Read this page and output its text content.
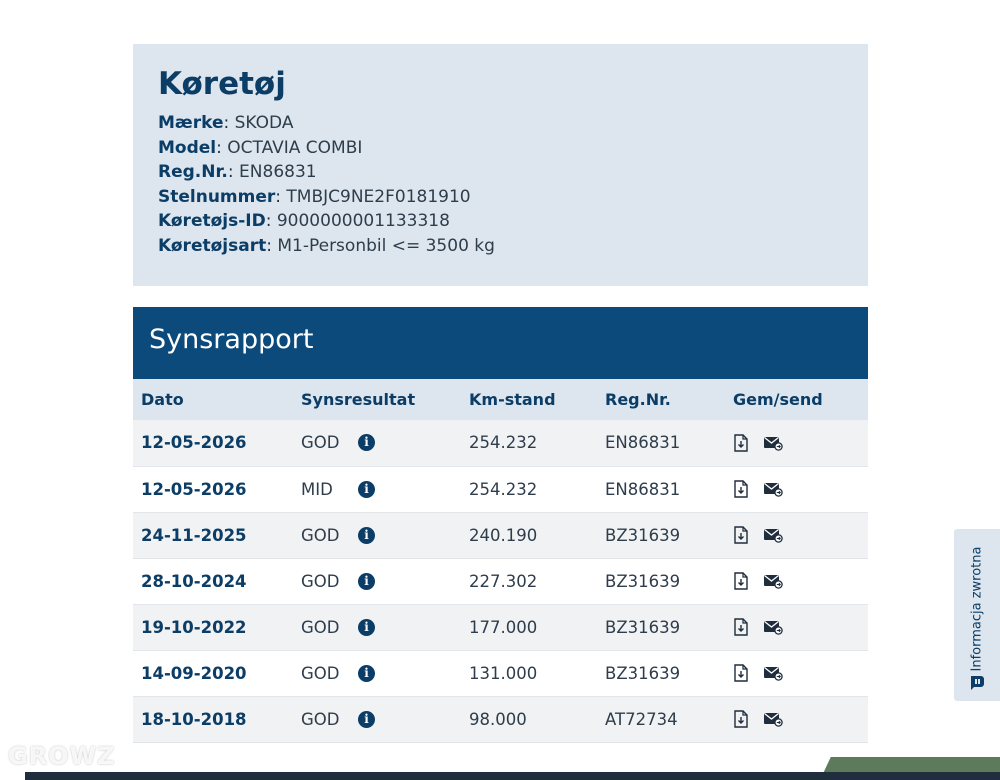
Køretøj
Mærke: SKODA
Model: OCTAVIA COMBI
Reg.Nr.: EN86831
Stelnummer: TMBJC9NE2F0181910
Køretøjs-ID: 9000000001133318
Køretøjsart: M1-Personbil <= 3500 kg
Synsrapport
Dato	Synsresultat	Km-stand	Reg.Nr.	Gem/send
12-05-2026	GOD i	254.232	EN86831	

12-05-2026	MID i	254.232	EN86831	

24-11-2025	GOD i	240.190	BZ31639	

28-10-2024	GOD i	227.302	BZ31639	

19-10-2022	GOD i	177.000	BZ31639	

14-09-2020	GOD i	131.000	BZ31639	

18-10-2018	GOD i	98.000	AT72734	
Informacja zwrotna
GROWZ
